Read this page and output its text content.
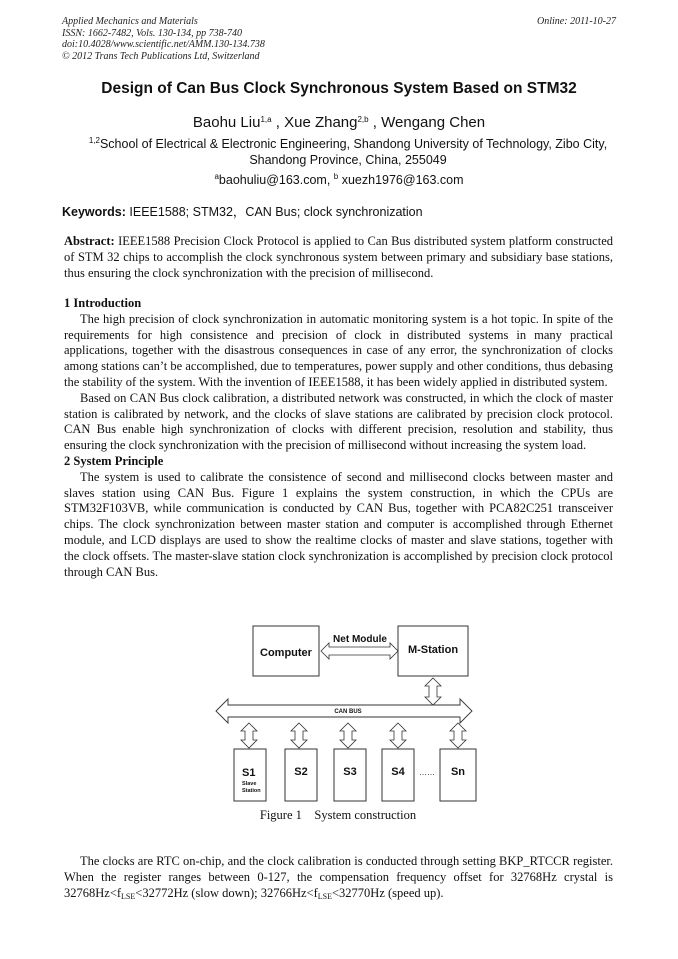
Applied Mechanics and Materials
ISSN: 1662-7482, Vols. 130-134, pp 738-740
doi:10.4028/www.scientific.net/AMM.130-134.738
© 2012 Trans Tech Publications Ltd, Switzerland
Online: 2011-10-27
Design of Can Bus Clock Synchronous System Based on STM32
Baohu Liu$^{1,a}$ , Xue Zhang$^{2,b}$ , Wengang Chen
$^{1,2}$School of Electrical & Electronic Engineering, Shandong University of Technology, Zibo City, Shandong Province, China, 255049
$^a$baohuliu@163.com, $^b$ xuezh1976@163.com
Keywords: IEEE1588; STM32，CAN Bus; clock synchronization

Abstract: IEEE1588 Precision Clock Protocol is applied to Can Bus distributed system platform constructed of STM 32 chips to accomplish the clock synchronous system between primary and subsidiary base stations, thus ensuring the clock synchronization with the precision of millisecond.

1 Introduction

The high precision of clock synchronization in automatic monitoring system is a hot topic. In spite of the requirements for high consistence and precision of clock in distributed systems in many practical applications, together with the disastrous consequences in case of any error, the synchronization of clocks among stations can’t be accomplished, due to temperatures, power supply and other conditions, thus debasing the stability of the system. With the invention of IEEE1588, it has been widely applied in distributed system.

Based on CAN Bus clock calibration, a distributed network was constructed, in which the clock of master station is calibrated by network, and the clocks of slave stations are calibrated by precision clock protocol. CAN Bus enable high synchronization of clocks with different precision, resolution and stability, thus ensuring the clock synchronization with the precision of millisecond without increasing the system load.

2 System Principle

The system is used to calibrate the consistence of second and millisecond clocks between master and slaves station using CAN Bus. Figure 1 explains the system construction, in which the CPUs are STM32F103VB, while communication is conducted by CAN Bus, together with PCA82C251 transceiver chips. The clock synchronization between master station and computer is accomplished through Ethernet module, and LCD displays are used to show the realtime clocks of master and slave stations, together with the clock offsets. The master-slave station clock synchronization is accomplished by precision clock protocol through CAN Bus.

Computer	M-Station
Net Module
CAN BUS
S1
Slave
Station
S2	S3	S4 …… Sn
Figure 1 System construction

The clocks are RTC on-chip, and the clock calibration is conducted through setting BKP_RTCCR register. When the register ranges between 0-127, the compensation frequency offset for 32768Hz crystal is $32768Hz<f_{LSE}<32772Hz$ (slow down); $32766Hz<f_{LSE}<32770Hz$ (speed up).
